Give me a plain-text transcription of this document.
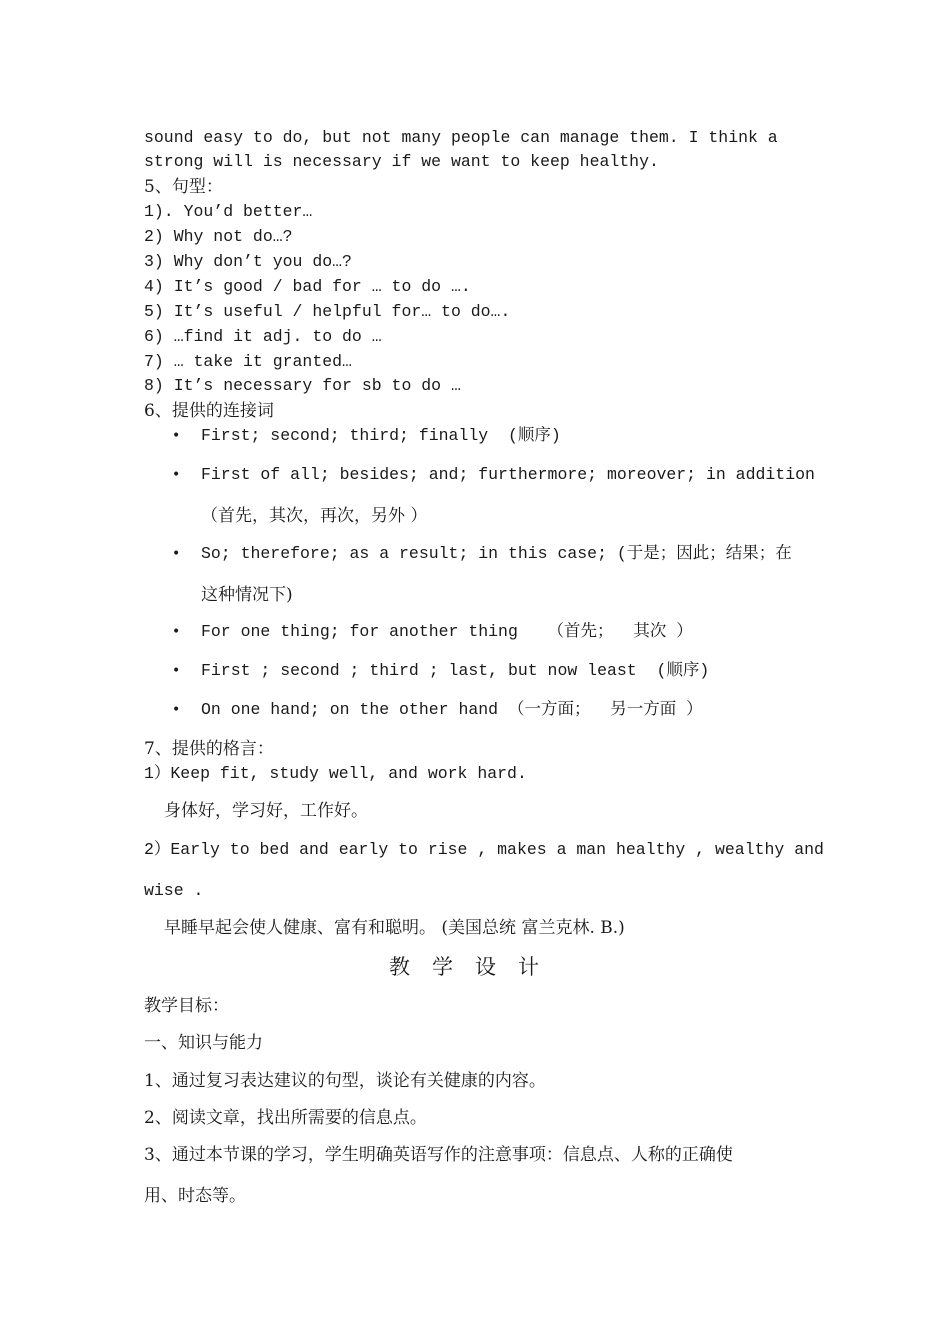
sound easy to do, but not many people can manage them. I think a
strong will is necessary if we want to keep healthy.
5、句型：
1). You’d better…
2) Why not do…?
3) Why don’t you do…?
4) It’s good / bad for … to do ….
5) It’s useful / helpful for… to do….
6) …find it adj. to do …
7) … take it granted…
8) It’s necessary for sb to do …
6、提供的连接词
• First; second; third; finally  (顺序)
• First of all; besides; and; furthermore; moreover; in addition
（首先，其次，再次，另外 ）
• So; therefore; as a result; in this case; (于是；因此；结果；在
这种情况下)
• For one thing; for another thing   （首先；  其次 ）
• First ; second ; third ; last, but now least  (顺序)
• On one hand; on the other hand （一方面；  另一方面 ）
7、提供的格言：
1）Keep fit, study well, and work hard.
身体好，学习好，工作好。
2）Early to bed and early to rise , makes a man healthy , wealthy and
wise .
早睡早起会使人健康、富有和聪明。 (美国总统 富兰克林. B.)
教学设计
教学目标：
一、知识与能力
1、通过复习表达建议的句型，谈论有关健康的内容。
2、阅读文章，找出所需要的信息点。
3、通过本节课的学习，学生明确英语写作的注意事项：信息点、人称的正确使
用、时态等。
